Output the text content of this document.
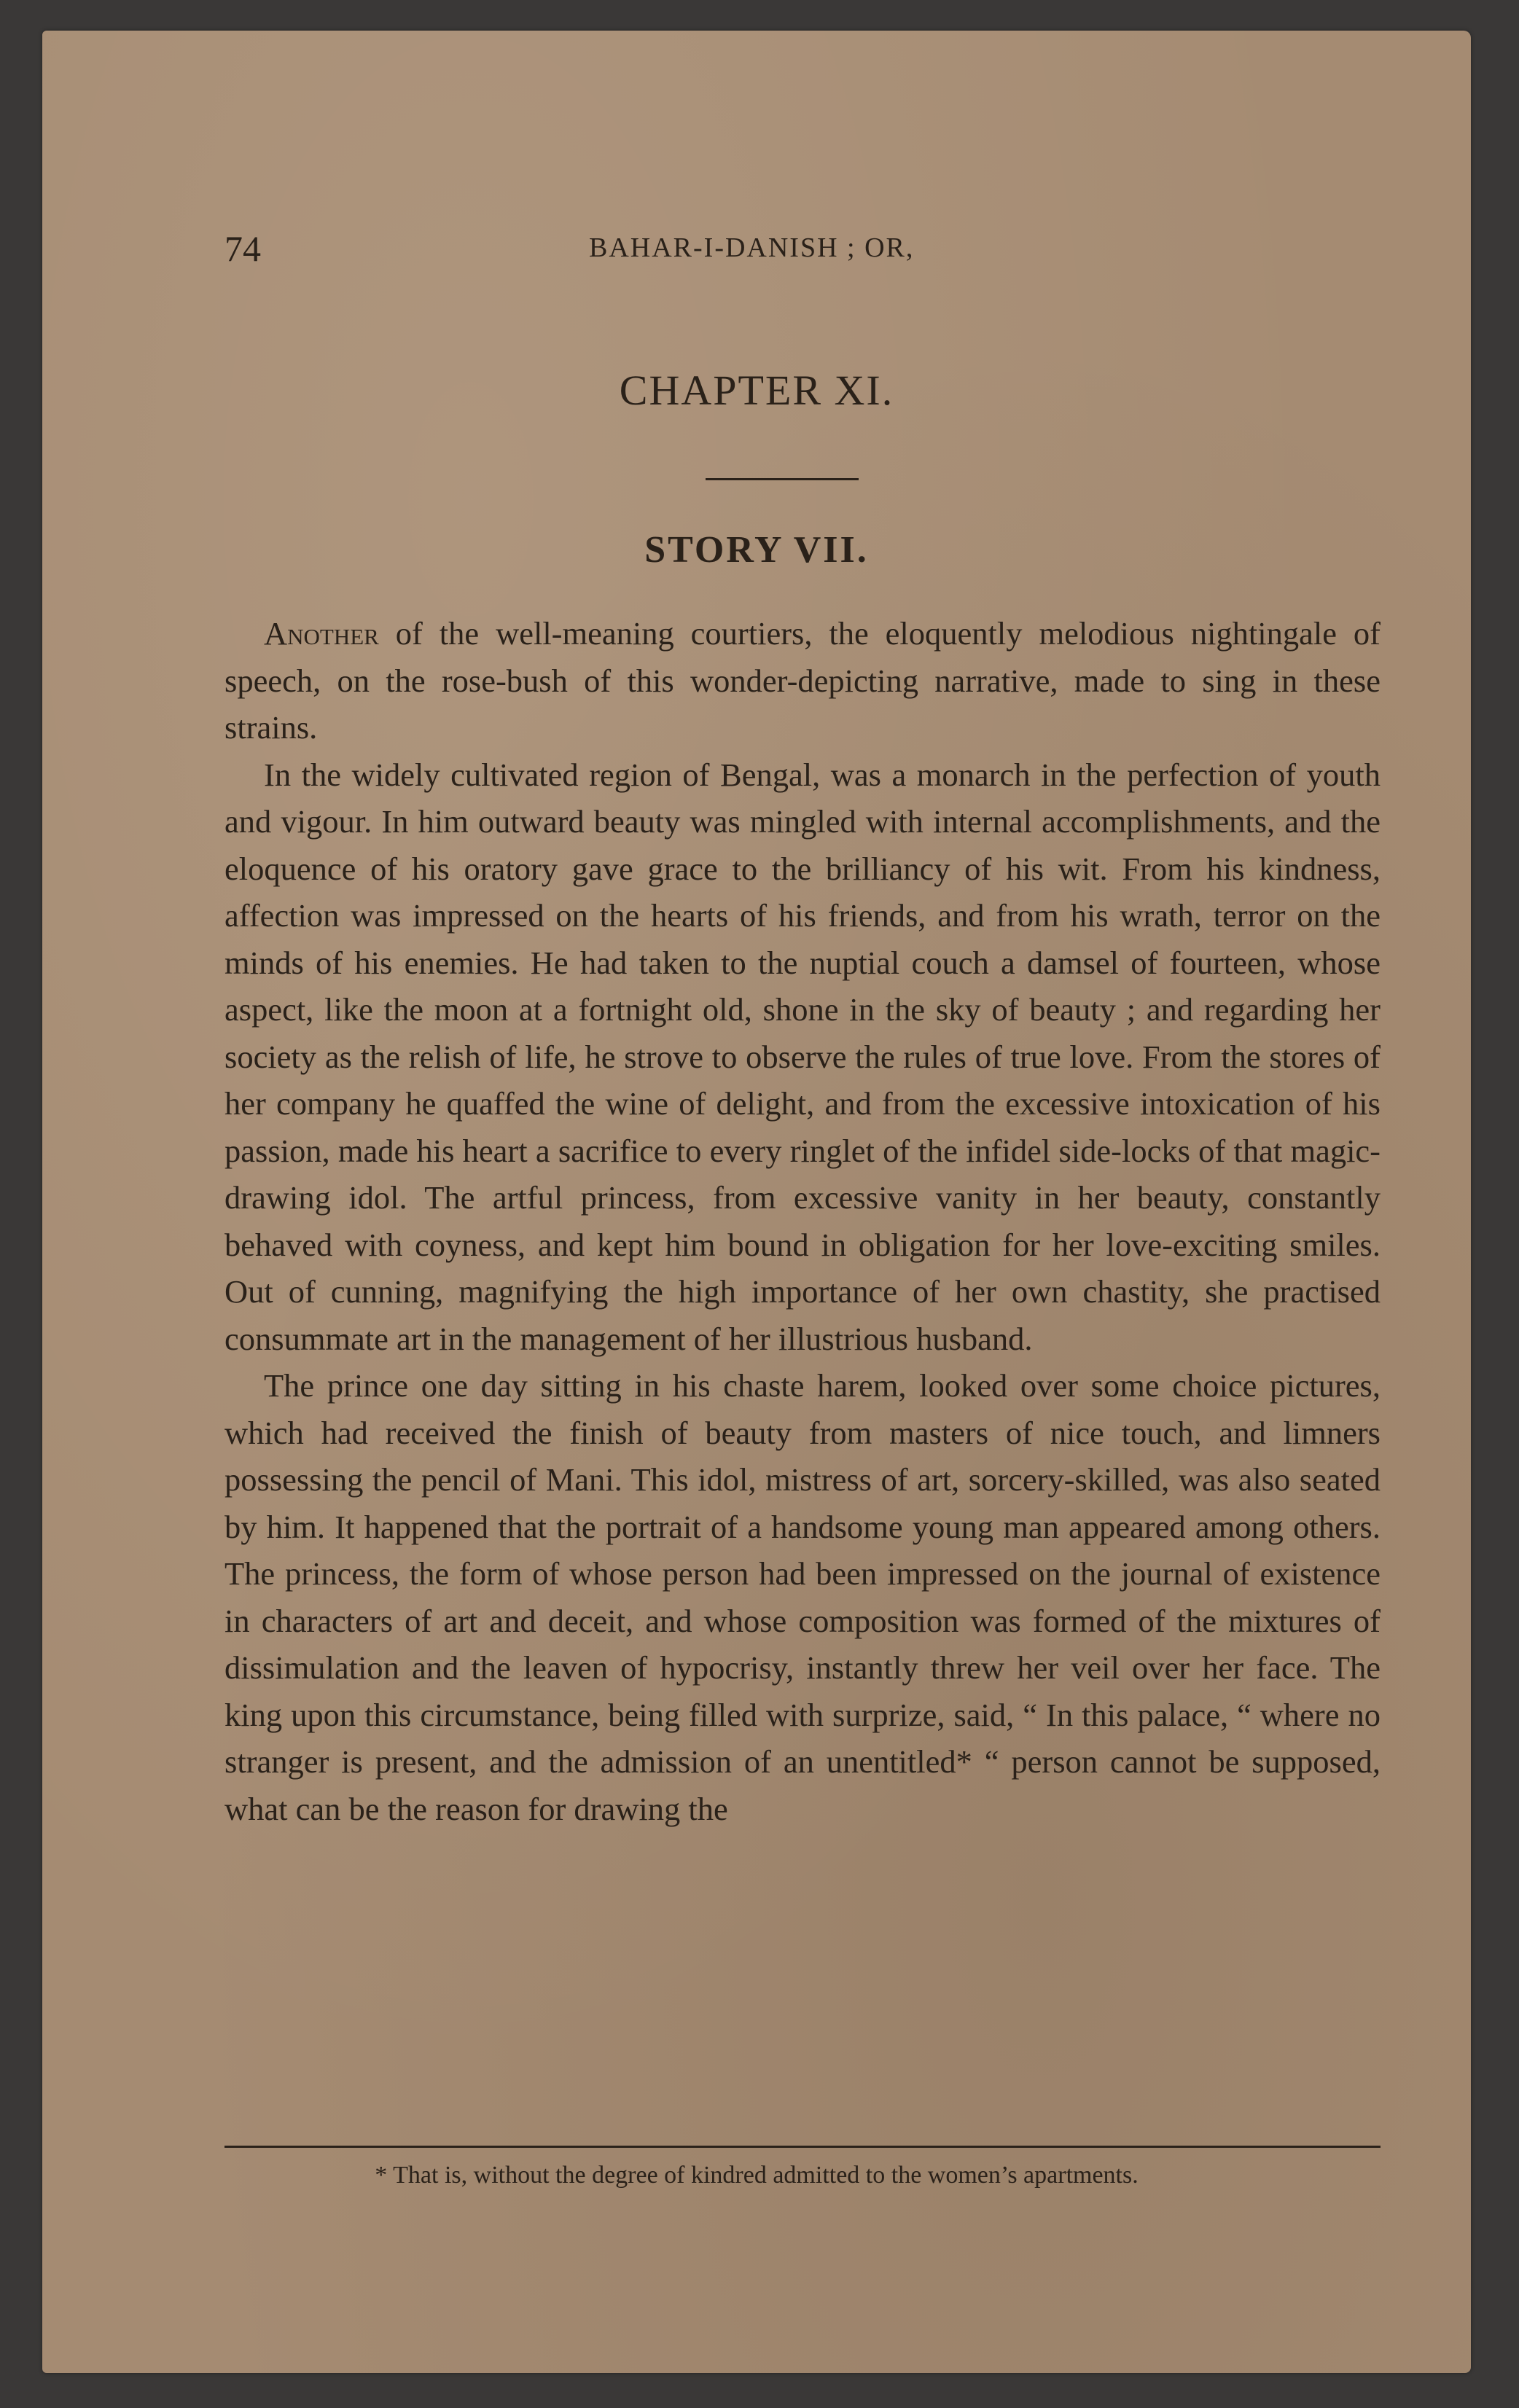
74	BAHAR-I-DANISH ; OR,
CHAPTER XI.
STORY VII.

Another of the well-meaning courtiers, the eloquently melodious nightingale of speech, on the rose-bush of this wonder-depicting narrative, made to sing in these strains.

In the widely cultivated region of Bengal, was a monarch in the perfection of youth and vigour. In him outward beauty was mingled with internal accomplishments, and the eloquence of his oratory gave grace to the brilliancy of his wit. From his kindness, affection was impressed on the hearts of his friends, and from his wrath, terror on the minds of his enemies. He had taken to the nuptial couch a damsel of fourteen, whose aspect, like the moon at a fortnight old, shone in the sky of beauty ; and regarding her society as the relish of life, he strove to observe the rules of true love. From the stores of her company he quaffed the wine of delight, and from the excessive intoxication of his passion, made his heart a sacrifice to every ringlet of the infidel side-locks of that magic-drawing idol. The artful princess, from excessive vanity in her beauty, constantly behaved with coyness, and kept him bound in obligation for her love-exciting smiles. Out of cunning, magnifying the high importance of her own chastity, she practised consummate art in the management of her illustrious husband.

The prince one day sitting in his chaste harem, looked over some choice pictures, which had received the finish of beauty from masters of nice touch, and limners possessing the pencil of Mani. This idol, mistress of art, sorcery-skilled, was also seated by him. It happened that the portrait of a handsome young man appeared among others. The princess, the form of whose person had been impressed on the journal of existence in characters of art and deceit, and whose composition was formed of the mixtures of dissimulation and the leaven of hypocrisy, instantly threw her veil over her face. The king upon this circumstance, being filled with surprize, said, “ In this palace, “ where no stranger is present, and the admission of an unentitled* “ person cannot be supposed, what can be the reason for drawing the

* That is, without the degree of kindred admitted to the women’s apartments.
